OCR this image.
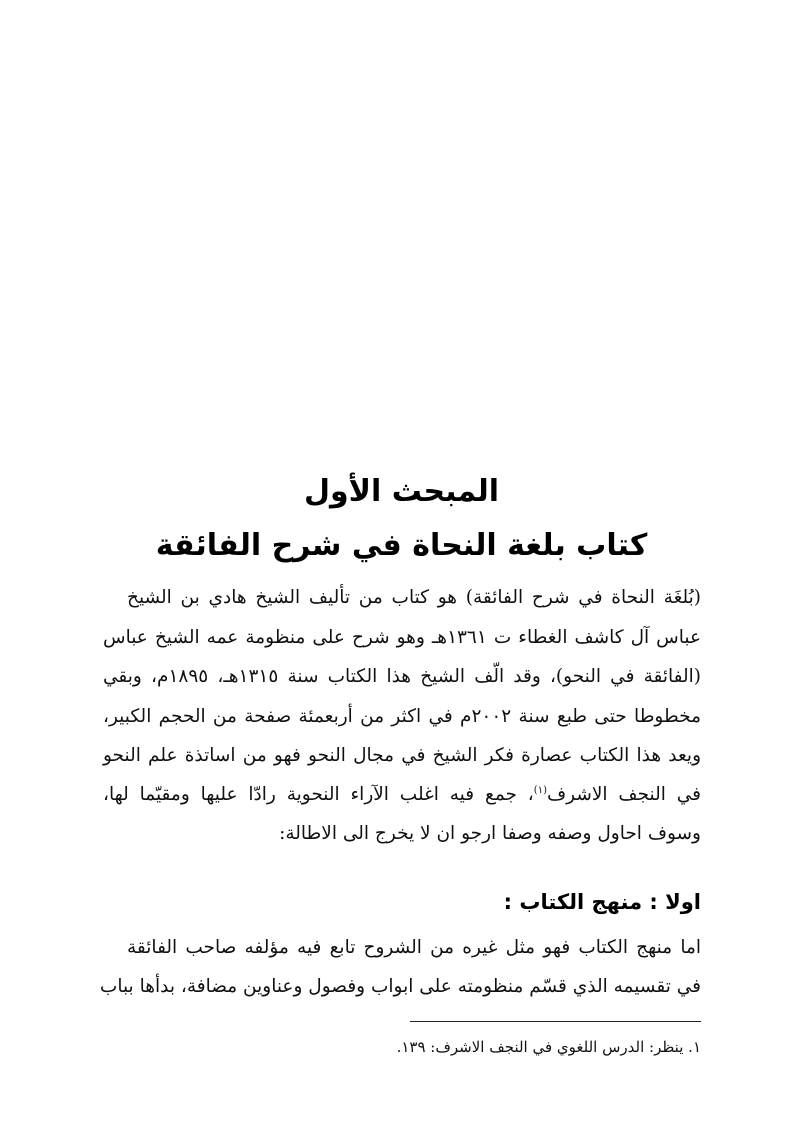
المبحث الأول
كتاب بلغة النحاة في شرح الفائقة
(بُلغَة النحاة في شرح الفائقة) هو كتاب من تأليف الشيخ هادي بن الشيخ
عباس آل كاشف الغطاء ت ١٣٦١هـ وهو شرح على منظومة عمه الشيخ عباس
(الفائقة في النحو)، وقد الّف الشيخ هذا الكتاب سنة ١٣١٥هـ، ١٨٩٥م، وبقي
مخطوطا حتى طبع سنة ٢٠٠٢م في اكثر من أربعمئة صفحة من الحجم الكبير،
ويعد هذا الكتاب عصارة فكر الشيخ في مجال النحو فهو من اساتذة علم النحو
في النجف الاشرف$^{(١)}$، جمع فيه اغلب الآراء النحوية رادّا عليها ومقيّما لها،
وسوف احاول وصفه وصفا ارجو ان لا يخرج الى الاطالة:
اولا : منهج الكتاب :
اما منهج الكتاب فهو مثل غيره من الشروح تابع فيه مؤلفه صاحب الفائقة
في تقسيمه الذي قسّم منظومته على ابواب وفصول وعناوين مضافة، بدأها بباب
١. ينظر: الدرس اللغوي في النجف الاشرف: ١٣٩.
